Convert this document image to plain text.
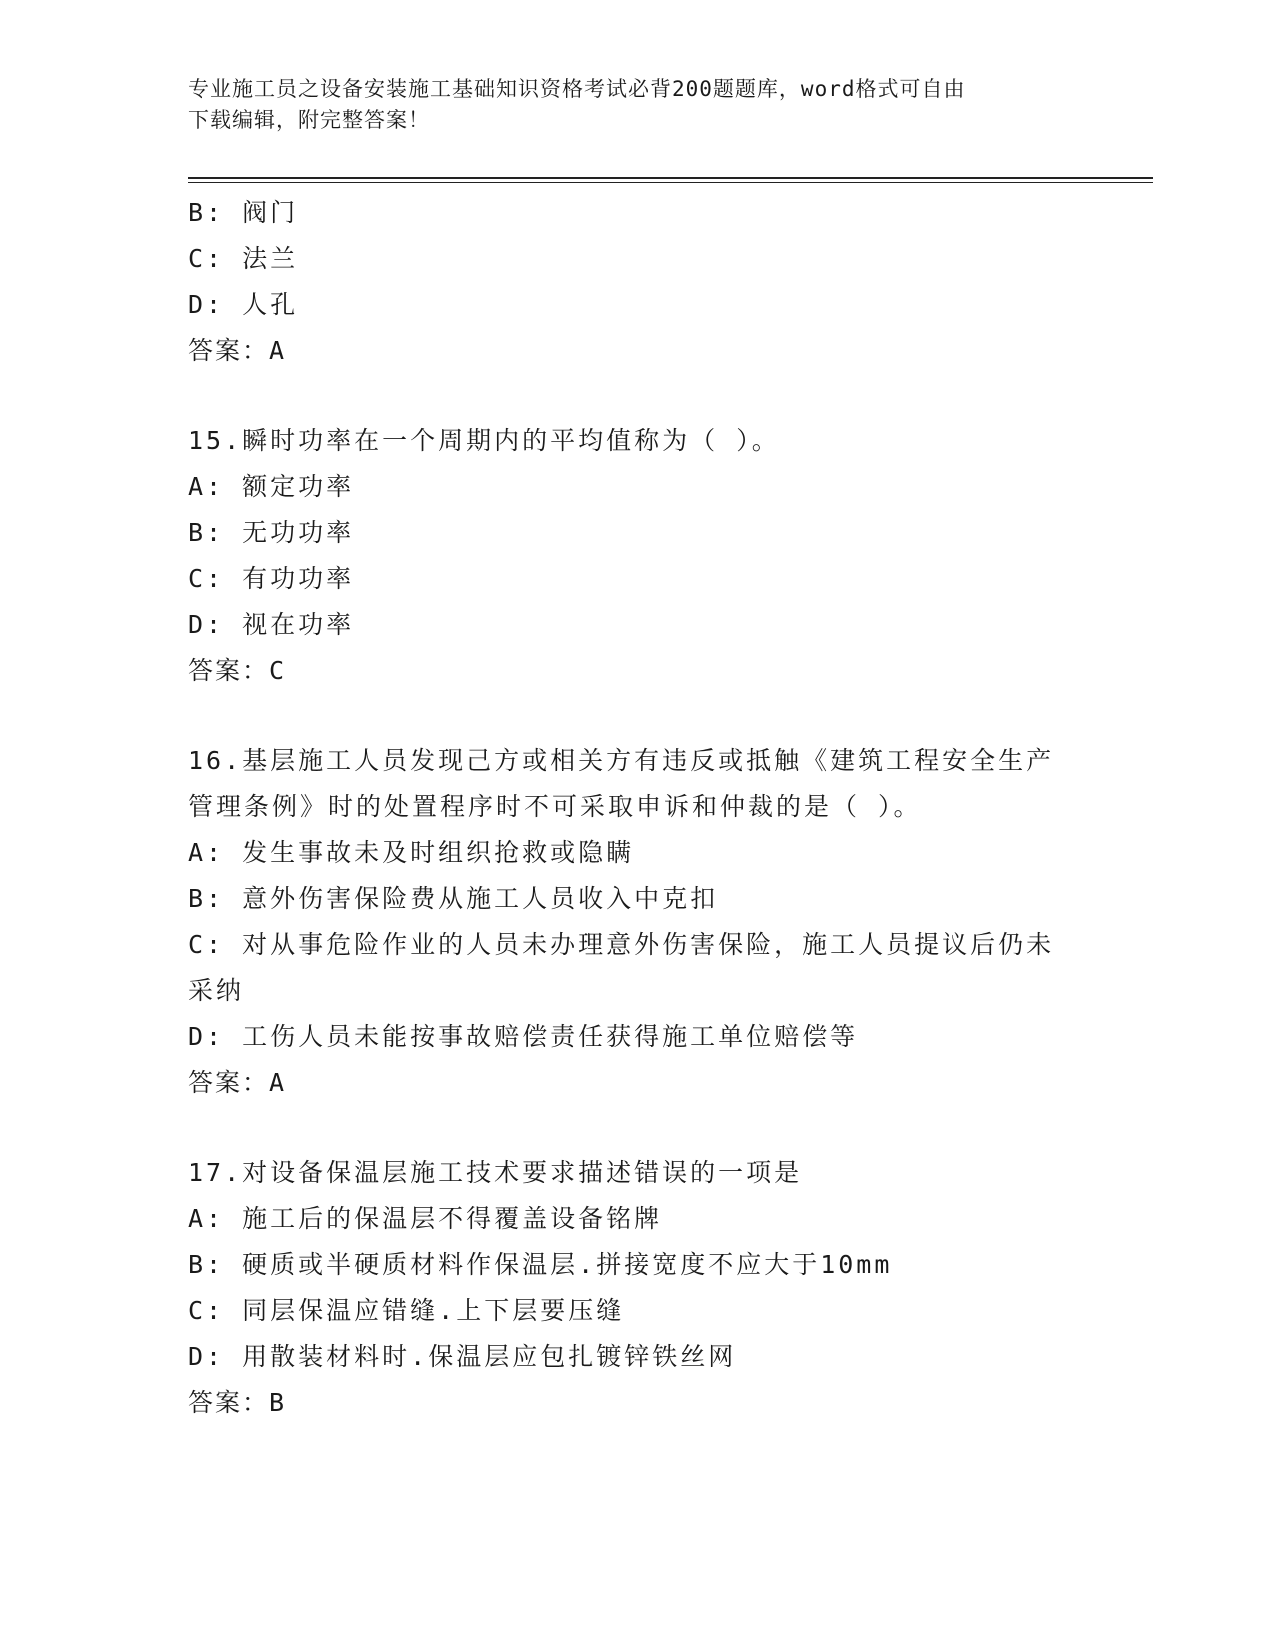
专业施工员之设备安装施工基础知识资格考试必背200题题库，word格式可自由
下载编辑，附完整答案！
B: 阀门
C: 法兰
D: 人孔
答案：A
15.瞬时功率在一个周期内的平均值称为（ ）。
A: 额定功率
B: 无功功率
C: 有功功率
D: 视在功率
答案：C
16.基层施工人员发现己方或相关方有违反或抵触《建筑工程安全生产
管理条例》时的处置程序时不可采取申诉和仲裁的是（ ）。
A: 发生事故未及时组织抢救或隐瞒
B: 意外伤害保险费从施工人员收入中克扣
C: 对从事危险作业的人员未办理意外伤害保险，施工人员提议后仍未
采纳
D: 工伤人员未能按事故赔偿责任获得施工单位赔偿等
答案：A
17.对设备保温层施工技术要求描述错误的一项是
A: 施工后的保温层不得覆盖设备铭牌
B: 硬质或半硬质材料作保温层.拼接宽度不应大于10mm
C: 同层保温应错缝.上下层要压缝
D: 用散装材料时.保温层应包扎镀锌铁丝网
答案：B
